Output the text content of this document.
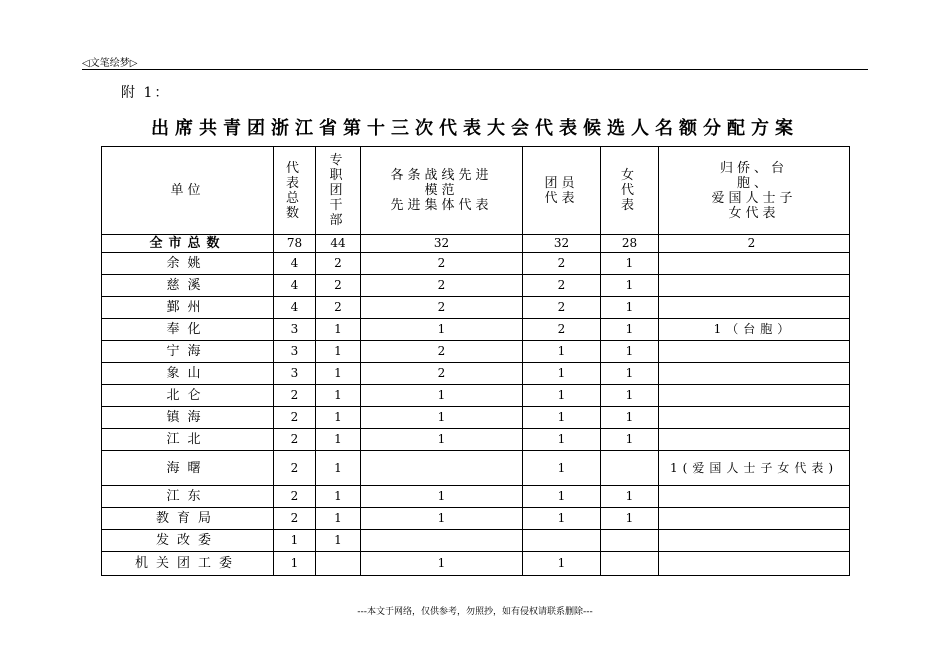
◁文笔绘梦▷
附 1：
出席共青团浙江省第十三次代表大会代表候选人名额分配方案
单位	代
表
总
数	专
职
团
干
部	各条战线先进
模范
先进集体代表	团员
代表	女
代
表	归侨、台
胞、
爱国人士子
女代表

全市总数	78	44	32	32	28	2
余姚	4	2	2	2	1	
慈溪	4	2	2	2	1	
鄞州	4	2	2	2	1	
奉化	3	1	1	2	1	1（台胞）
宁海	3	1	2	1	1	
象山	3	1	2	1	1	
北仑	2	1	1	1	1	
镇海	2	1	1	1	1	
江北	2	1	1	1	1	
海曙	2	1		1		1(爱国人士子女代表)
江东	2	1	1	1	1	
教育局	2	1	1	1	1	
发改委	1	1				
机关团工委	1		1	1		
---本文于网络，仅供参考，勿照抄，如有侵权请联系删除---
